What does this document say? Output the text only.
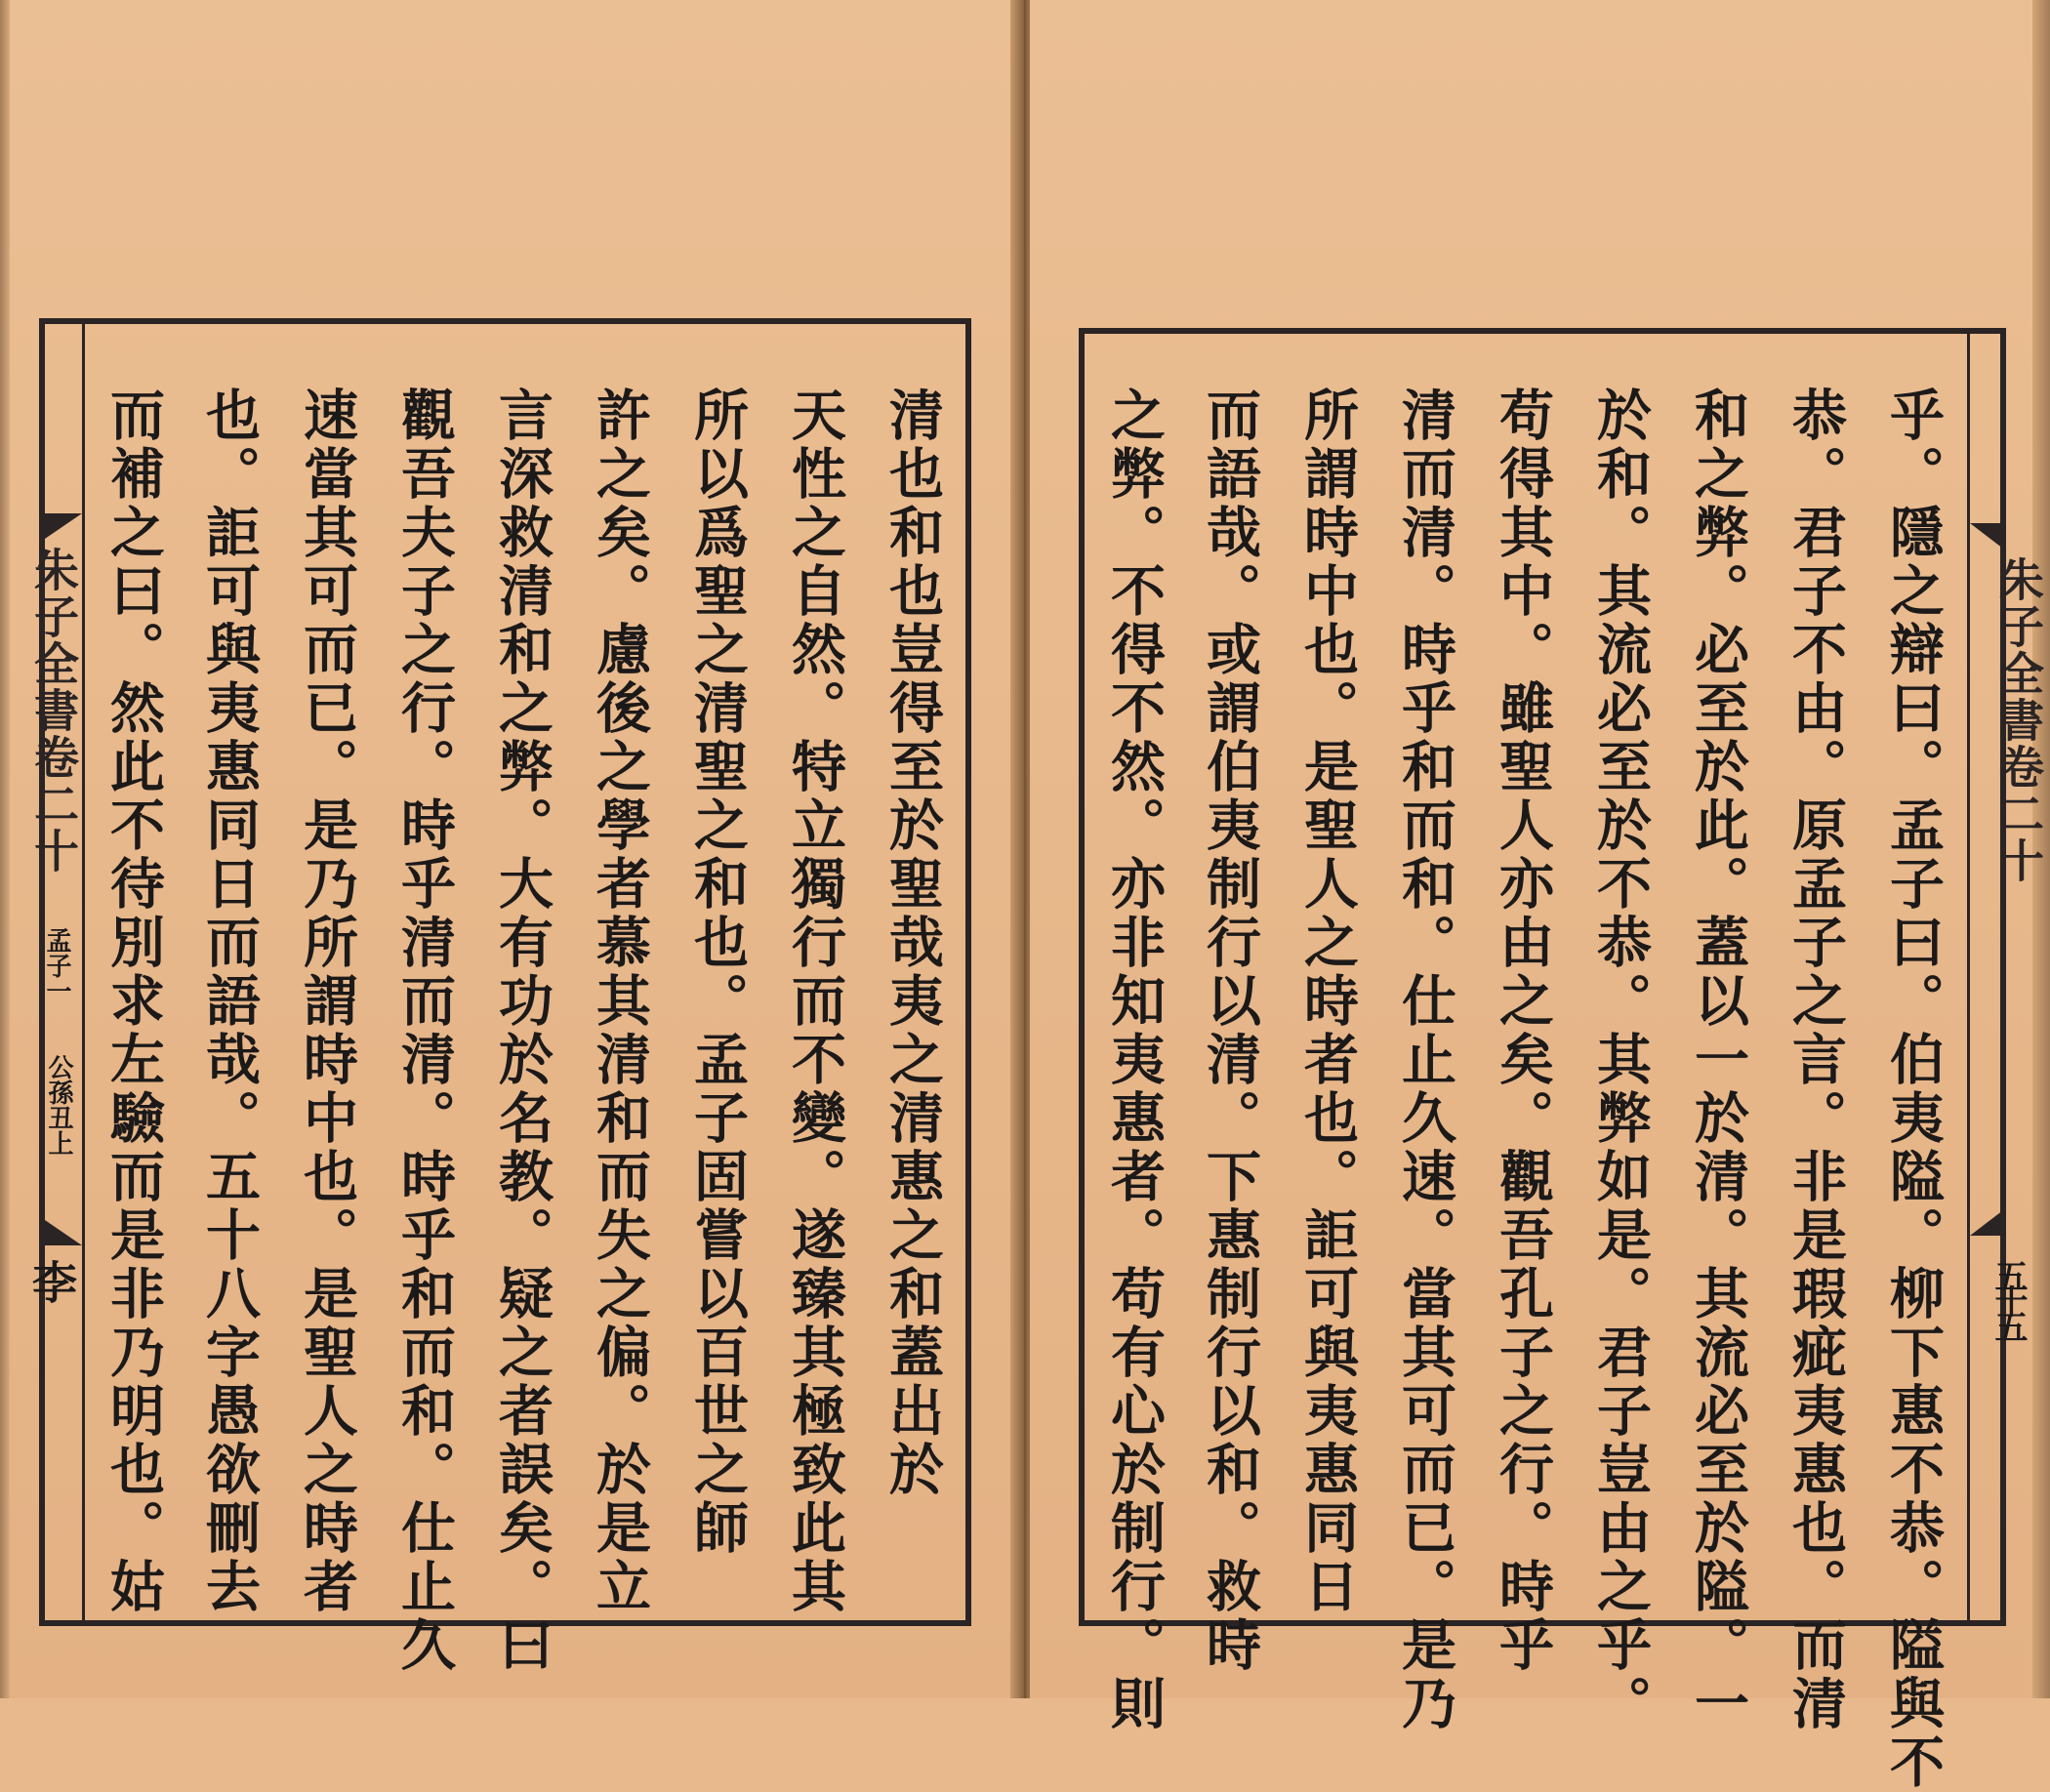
朱子全書卷二十
孟子一
公孫丑上
李	清也和也豈得至於聖哉夷之清惠之和蓋出於
天性之自然。特立獨行而不變。遂臻其極致此其
所以爲聖之清聖之和也。孟子固嘗以百世之師
許之矣。慮後之學者慕其清和而失之偏。於是立
言深救清和之弊。大有功於名教。疑之者誤矣。曰
觀吾夫子之行。時乎清而清。時乎和而和。仕止久
速當其可而已。是乃所謂時中也。是聖人之時者
也。詎可與夷惠同日而語哉。五十八字愚欲刪去
而補之曰。然此不待別求左驗而是非乃明也。姑	朱子全書卷二十
五十五
乎。隱之辯曰。孟子曰。伯夷隘。柳下惠不恭。隘與不
恭。君子不由。原孟子之言。非是瑕疵夷惠也。而清
和之弊。必至於此。蓋以一於清。其流必至於隘。一
於和。其流必至於不恭。其弊如是。君子豈由之乎。
苟得其中。雖聖人亦由之矣。觀吾孔子之行。時乎
清而清。時乎和而和。仕止久速。當其可而已。是乃
所謂時中也。是聖人之時者也。詎可與夷惠同日
而語哉。或謂伯夷制行以清。下惠制行以和。救時
之弊。不得不然。亦非知夷惠者。苟有心於制行。則
